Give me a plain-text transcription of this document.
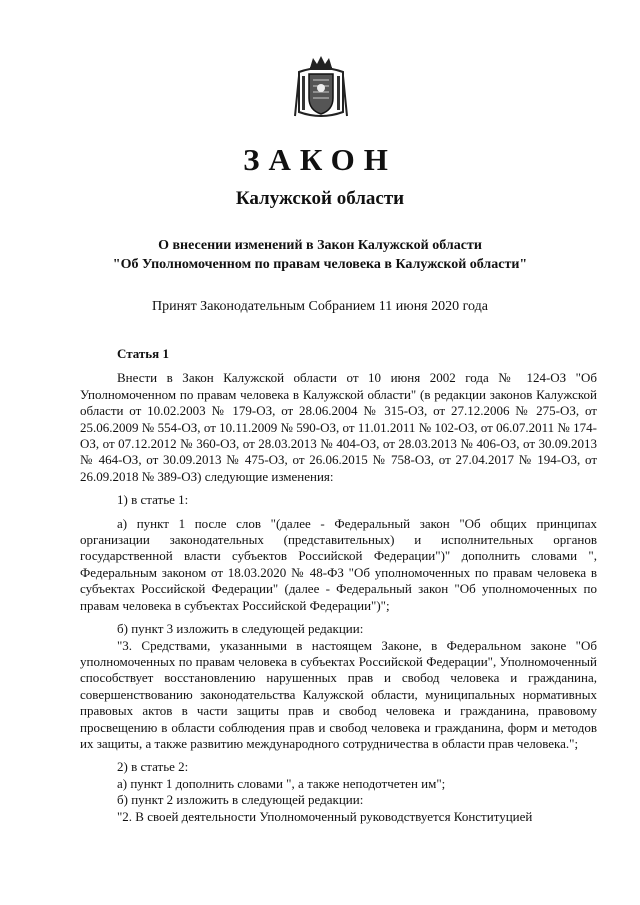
ЗАКОН
Калужской области
О внесении изменений в Закон Калужской области
"Об Уполномоченном по правам человека в Калужской области"
Принят Законодательным Собранием 11 июня 2020 года

Статья 1

Внести в Закон Калужской области от 10 июня 2002 года № 124-ОЗ "Об Уполномоченном по правам человека в Калужской области" (в редакции законов Калужской области от 10.02.2003 № 179-ОЗ, от 28.06.2004 № 315-ОЗ, от 27.12.2006 № 275-ОЗ, от 25.06.2009 № 554-ОЗ, от 10.11.2009 № 590-ОЗ, от 11.01.2011 № 102-ОЗ, от 06.07.2011 № 174-ОЗ, от 07.12.2012 № 360-ОЗ, от 28.03.2013 № 404-ОЗ, от 28.03.2013 № 406-ОЗ, от 30.09.2013 № 464-ОЗ, от 30.09.2013 № 475-ОЗ, от 26.06.2015 № 758-ОЗ, от 27.04.2017 № 194-ОЗ, от 26.09.2018 № 389-ОЗ) следующие изменения:

1) в статье 1:

а) пункт 1 после слов "(далее - Федеральный закон "Об общих принципах организации законодательных (представительных) и исполнительных органов государственной власти субъектов Российской Федерации")" дополнить словами ", Федеральным законом от 18.03.2020 № 48-ФЗ "Об уполномоченных по правам человека в субъектах Российской Федерации" (далее - Федеральный закон "Об уполномоченных по правам человека в субъектах Российской Федерации")";

б) пункт 3 изложить в следующей редакции:

"3. Средствами, указанными в настоящем Законе, в Федеральном законе "Об уполномоченных по правам человека в субъектах Российской Федерации", Уполномоченный способствует восстановлению нарушенных прав и свобод человека и гражданина, совершенствованию законодательства Калужской области, муниципальных нормативных правовых актов в части защиты прав и свобод человека и гражданина, правовому просвещению в области соблюдения прав и свобод человека и гражданина, форм и методов их защиты, а также развитию международного сотрудничества в области прав человека.";

2) в статье 2:

а) пункт 1 дополнить словами ", а также неподотчетен им";

б) пункт 2 изложить в следующей редакции:

"2. В своей деятельности Уполномоченный руководствуется Конституцией
